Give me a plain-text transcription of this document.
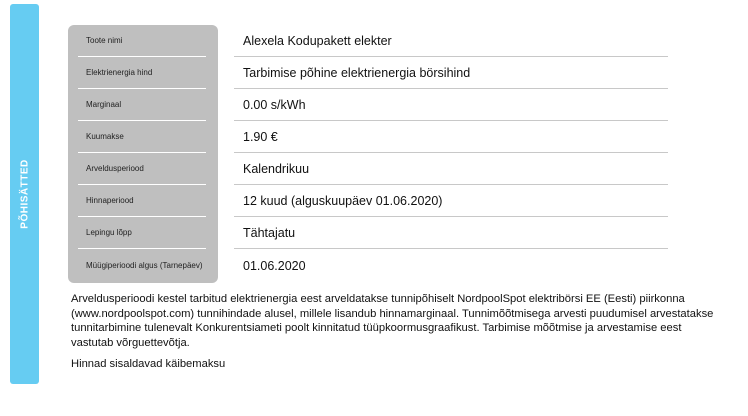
PÕHISÄTTED
Toote nimi	Alexela Kodupakett elekter
Elektrienergia hind	Tarbimise põhine elektrienergia börsihind
Marginaal	0.00 s/kWh
Kuumakse	1.90 €
Arveldusperiood	Kalendrikuu
Hinnaperiood	12 kuud (alguskuupäev 01.06.2020)
Lepingu lõpp	Tähtajatu
Müügiperioodi algus (Tarnepäev)	01.06.2020

Arveldusperioodi kestel tarbitud elektrienergia eest arveldatakse tunnipõhiselt NordpoolSpot elektribörsi EE (Eesti) piirkonna (www.nordpoolspot.com) tunnihindade alusel, millele lisandub hinnamarginaal. Tunnimõõtmisega arvesti puudumisel arvestatakse tunnitarbimine tulenevalt Konkurentsiameti poolt kinnitatud tüüpkoormusgraafikust. Tarbimise mõõtmise ja arvestamise eest vastutab võrguettevõtja.

Hinnad sisaldavad käibemaksu
